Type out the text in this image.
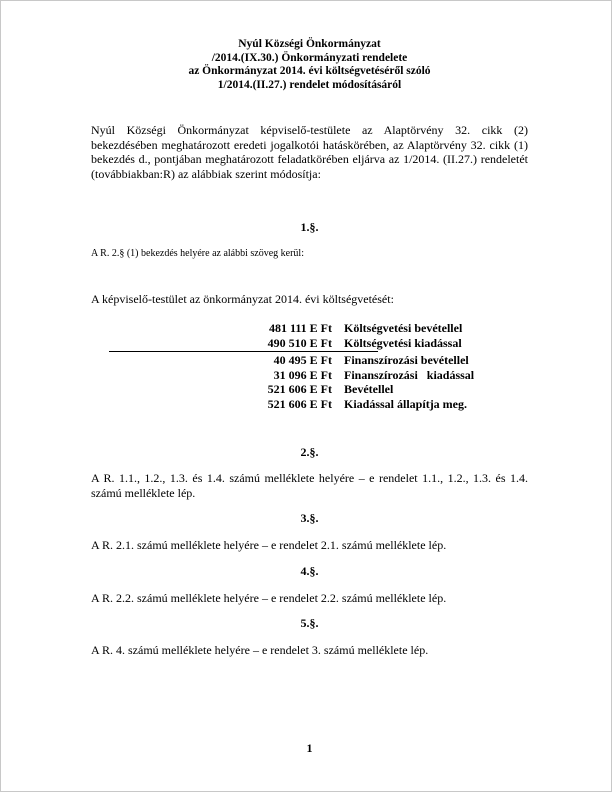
Nyúl Községi Önkormányzat
/2014.(IX.30.) Önkormányzati rendelete
az Önkormányzat 2014. évi költségvetéséről szóló
1/2014.(II.27.) rendelet módosításáról

Nyúl Községi Önkormányzat képviselő-testülete az Alaptörvény 32. cikk (2) bekezdésében meghatározott eredeti jogalkotói hatáskörében, az Alaptörvény 32. cikk (1) bekezdés d., pontjában meghatározott feladatkörében eljárva az 1/2014. (II.27.) rendeletét (továbbiakban:R) az alábbiak szerint módosítja:

1.§.
A R. 2.§ (1) bekezdés helyére az alábbi szöveg kerül:
A képviselő-testület az önkormányzat 2014. évi költségvetését:
481 111 E Ft Költségvetési bevétellel
490 510 E Ft Költségvetési kiadással
40 495 E Ft Finanszírozási bevétellel
31 096 E Ft Finanszírozási   kiadással
521 606 E Ft Bevétellel
521 606 E Ft Kiadással állapítja meg.
2.§.

A R. 1.1., 1.2., 1.3. és 1.4. számú melléklete helyére – e rendelet 1.1., 1.2., 1.3. és 1.4. számú melléklete lép.

3.§.

A R. 2.1. számú melléklete helyére – e rendelet 2.1. számú melléklete lép.

4.§.

A R. 2.2. számú melléklete helyére – e rendelet 2.2. számú melléklete lép.

5.§.

A R. 4. számú melléklete helyére – e rendelet 3. számú melléklete lép.

1
